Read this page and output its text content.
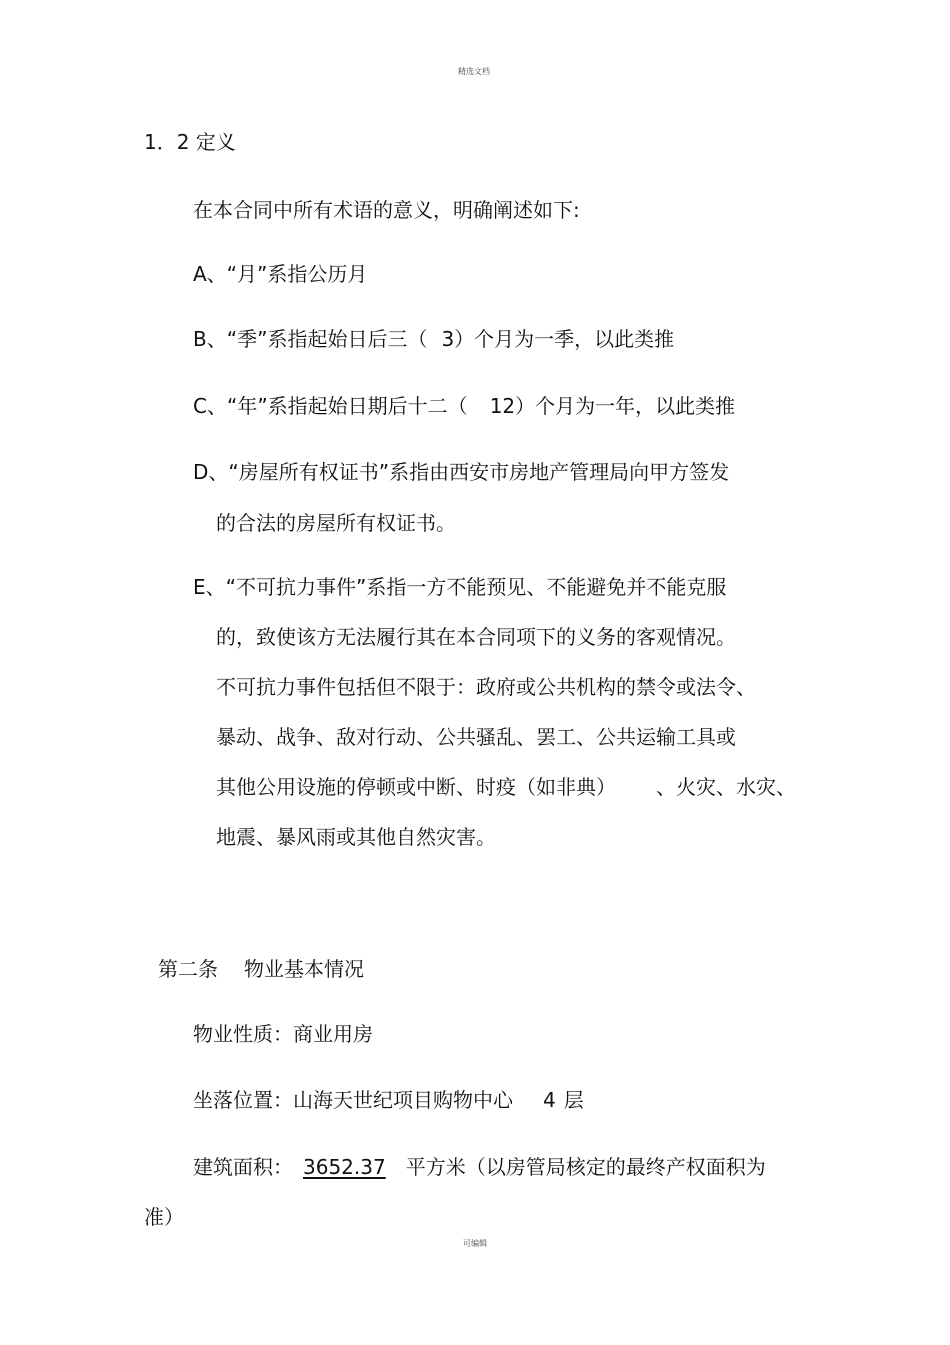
精选文档
1．2 定义
在本合同中所有术语的意义，明确阐述如下:
A、“月”系指公历月
B、“季”系指起始日后三（ 3）个月为一季，以此类推
C、“年”系指起始日期后十二（ 12）个月为一年，以此类推
D、“房屋所有权证书”系指由西安市房地产管理局向甲方签发
的合法的房屋所有权证书。
E、“不可抗力事件”系指一方不能预见、不能避免并不能克服
的，致使该方无法履行其在本合同项下的义务的客观情况。
不可抗力事件包括但不限于：政府或公共机构的禁令或法令、
暴动、战争、敌对行动、公共骚乱、罢工、公共运输工具或
其他公用设施的停顿或中断、时疫（如非典） 、火灾、水灾、
地震、暴风雨或其他自然灾害。
第二条 物业基本情况
物业性质：商业用房
坐落位置：山海天世纪项目购物中心 4 层
建筑面积： 3652.37 平方米（以房管局核定的最终产权面积为
准）
可编辑
